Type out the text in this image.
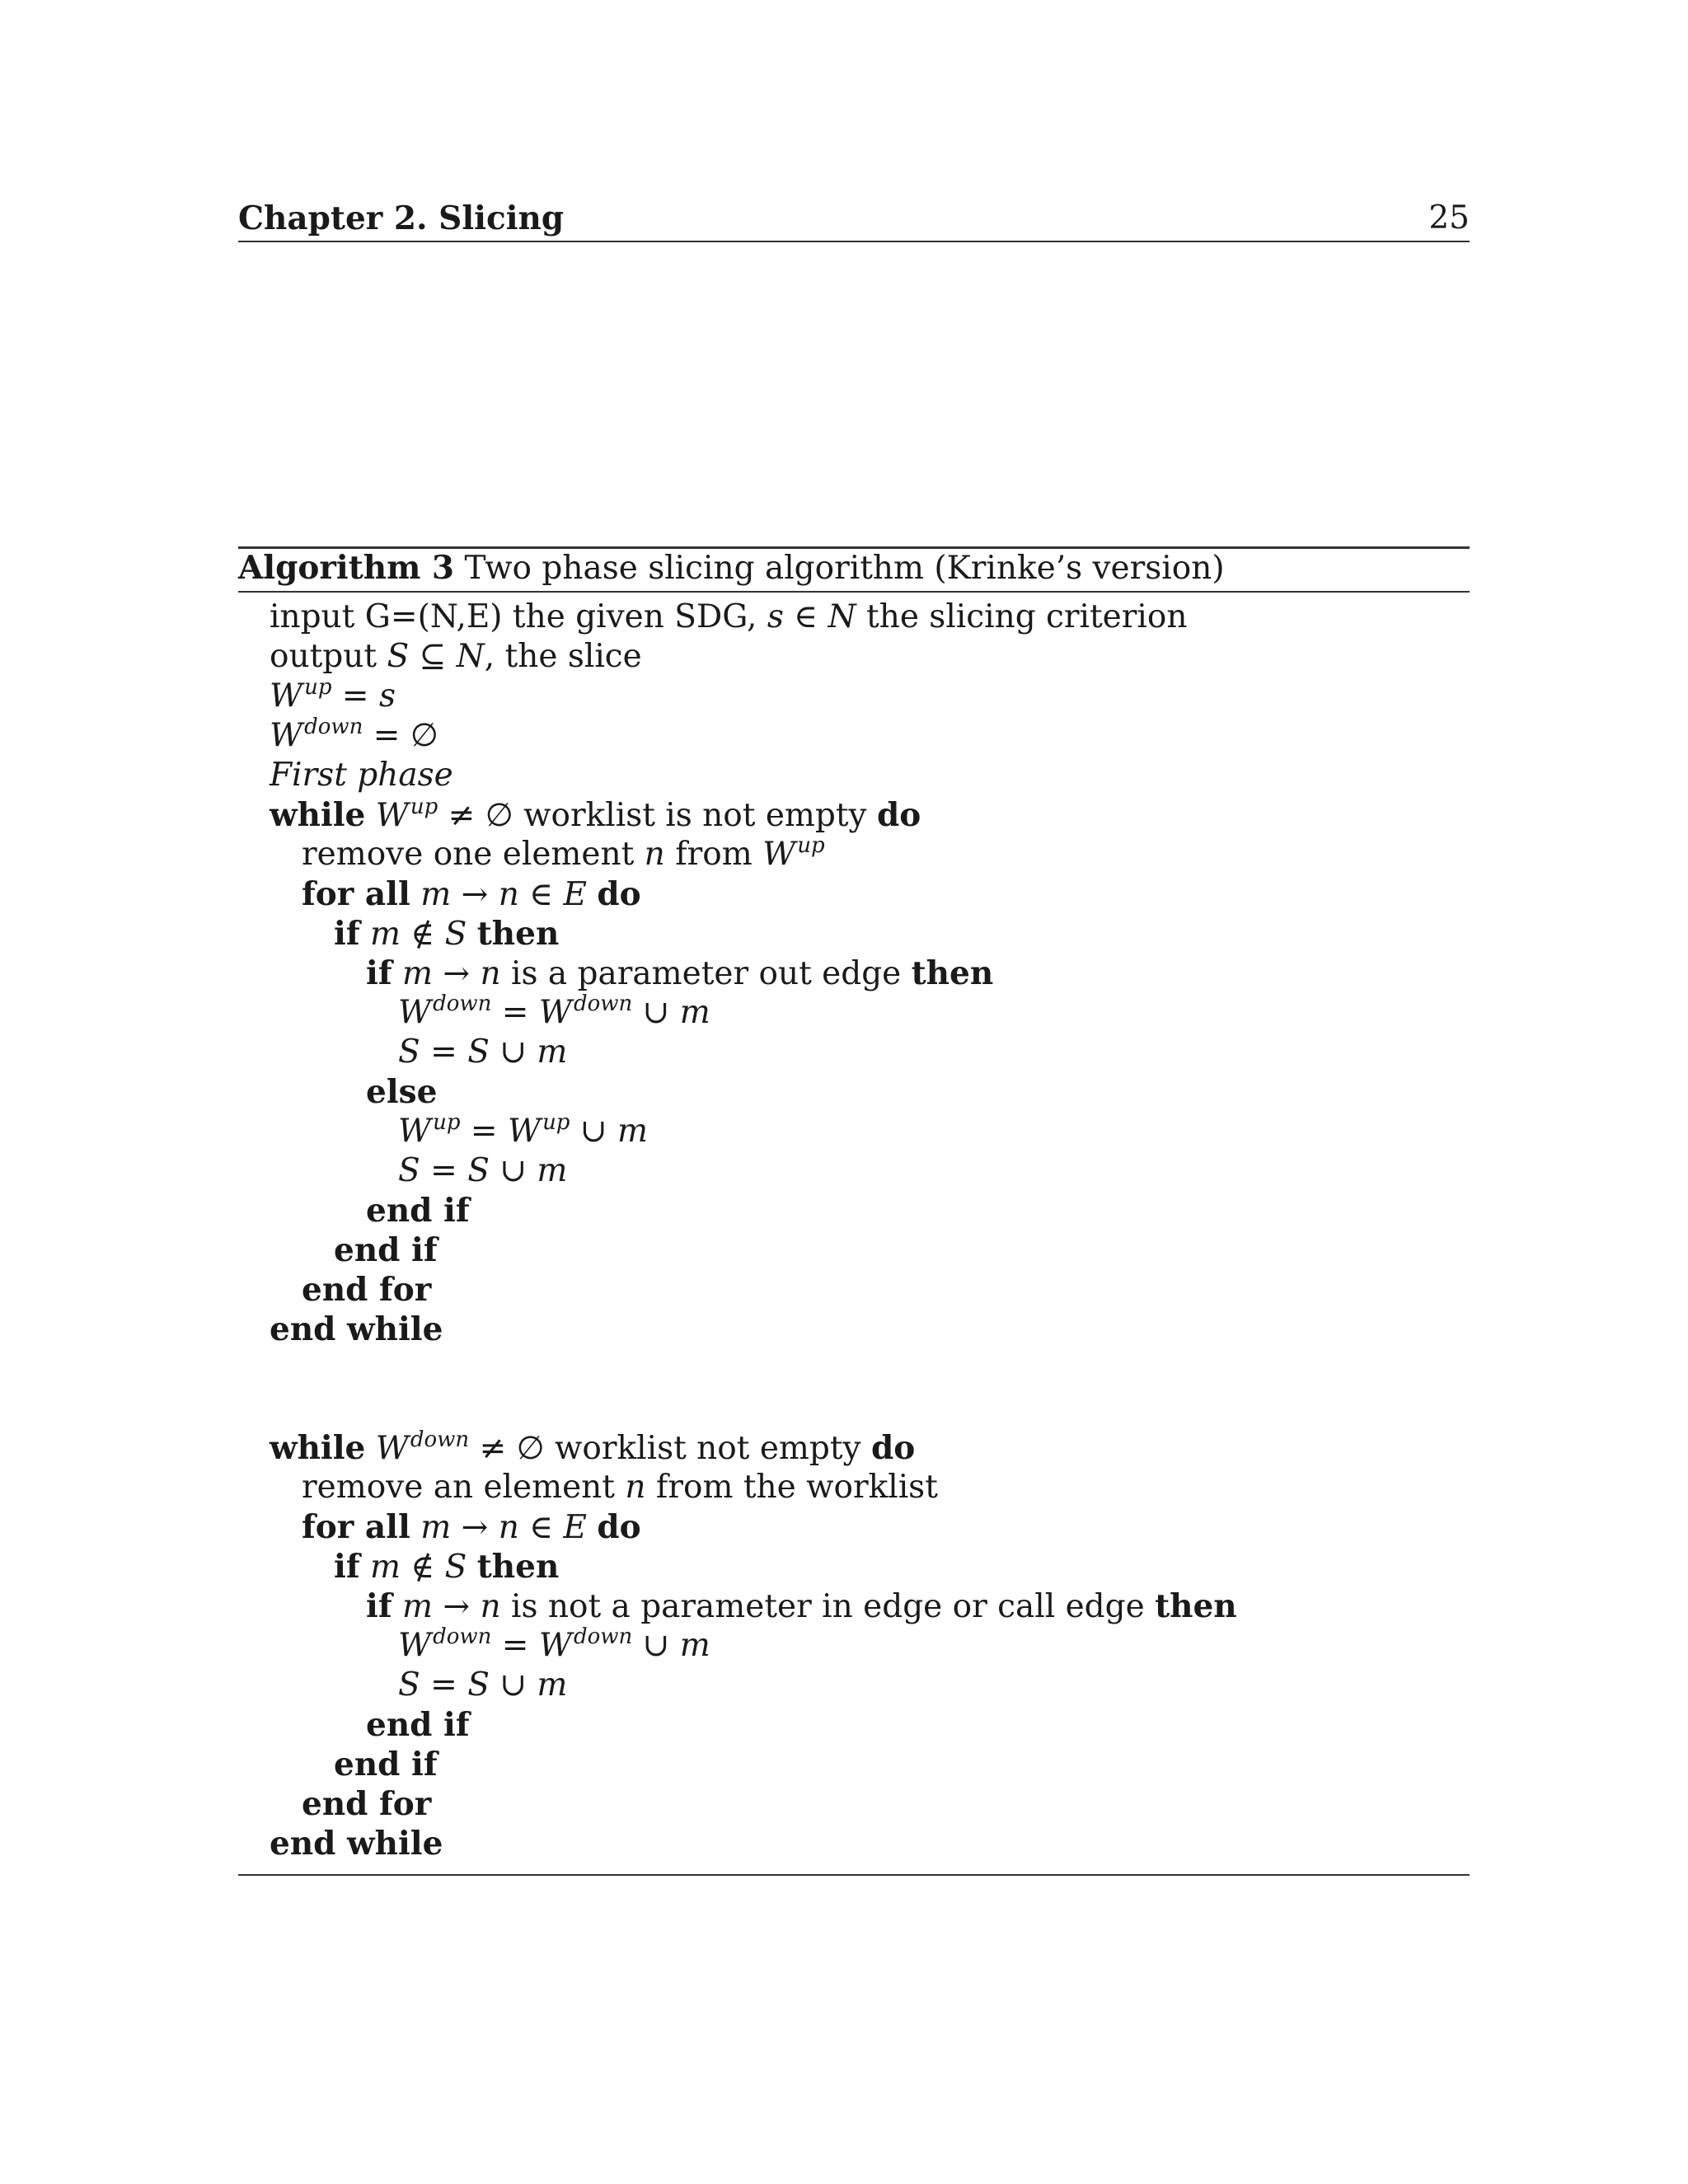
Chapter 2. Slicing	25
Algorithm 3 Two phase slicing algorithm (Krinke’s version)
input G=(N,E) the given SDG, s ∈ N the slicing criterion
output S ⊆ N, the slice
$W^{up} = s$
$W^{down}$ = ∅
First phase
while $W^{up}$ ≠ ∅ worklist is not empty do
remove one element n from $W^{up}$
for all m → n ∈ E do
if m ∉ S then
if m → n is a parameter out edge then
$W^{down} = W^{down}$ ∪ m
S = S ∪ m
else
$W^{up} = W^{up}$ ∪ m
S = S ∪ m
end if
end if
end for
end while
while $W^{down}$ ≠ ∅ worklist not empty do
remove an element n from the worklist
for all m → n ∈ E do
if m ∉ S then
if m → n is not a parameter in edge or call edge then
$W^{down} = W^{down}$ ∪ m
S = S ∪ m
end if
end if
end for
end while
